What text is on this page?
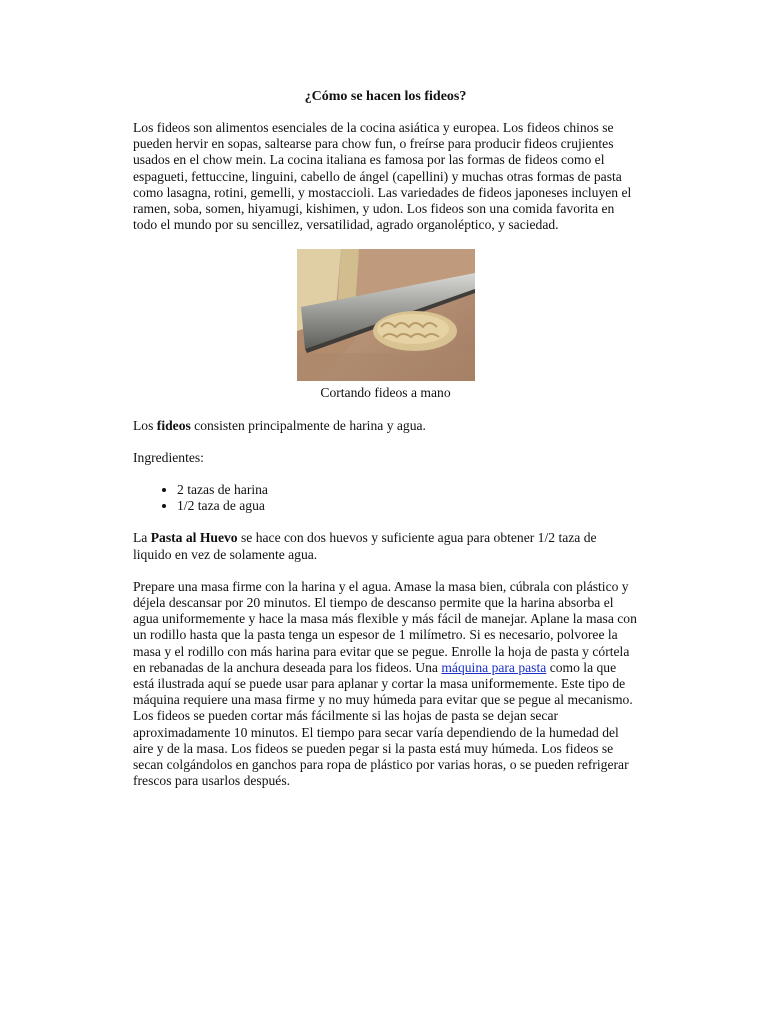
¿Cómo se hacen los fideos?

Los fideos son alimentos esenciales de la cocina asiática y europea. Los fideos chinos se pueden hervir en sopas, saltearse para chow fun, o freírse para producir fideos crujientes usados en el chow mein. La cocina italiana es famosa por las formas de fideos como el espagueti, fettuccine, linguini, cabello de ángel (capellini) y muchas otras formas de pasta como lasagna, rotini, gemelli, y mostaccioli. Las variedades de fideos japoneses incluyen el ramen, soba, somen, hiyamugi, kishimen, y udon. Los fideos son una comida favorita en todo el mundo por su sencillez, versatilidad, agrado organoléptico, y saciedad.

Cortando fideos a mano

Los fideos consisten principalmente de harina y agua.

Ingredientes:

• 2 tazas de harina
• 1/2 taza de agua

La Pasta al Huevo se hace con dos huevos y suficiente agua para obtener 1/2 taza de liquido en vez de solamente agua.

Prepare una masa firme con la harina y el agua. Amase la masa bien, cúbrala con plástico y déjela descansar por 20 minutos. El tiempo de descanso permite que la harina absorba el agua uniformemente y hace la masa más flexible y más fácil de manejar. Aplane la masa con un rodillo hasta que la pasta tenga un espesor de 1 milímetro. Si es necesario, polvoree la masa y el rodillo con más harina para evitar que se pegue. Enrolle la hoja de pasta y córtela en rebanadas de la anchura deseada para los fideos. Una máquina para pasta como la que está ilustrada aquí se puede usar para aplanar y cortar la masa uniformemente. Este tipo de máquina requiere una masa firme y no muy húmeda para evitar que se pegue al mecanismo. Los fideos se pueden cortar más fácilmente si las hojas de pasta se dejan secar aproximadamente 10 minutos. El tiempo para secar varía dependiendo de la humedad del aire y de la masa. Los fideos se pueden pegar si la pasta está muy húmeda. Los fideos se secan colgándolos en ganchos para ropa de plástico por varias horas, o se pueden refrigerar frescos para usarlos después.
